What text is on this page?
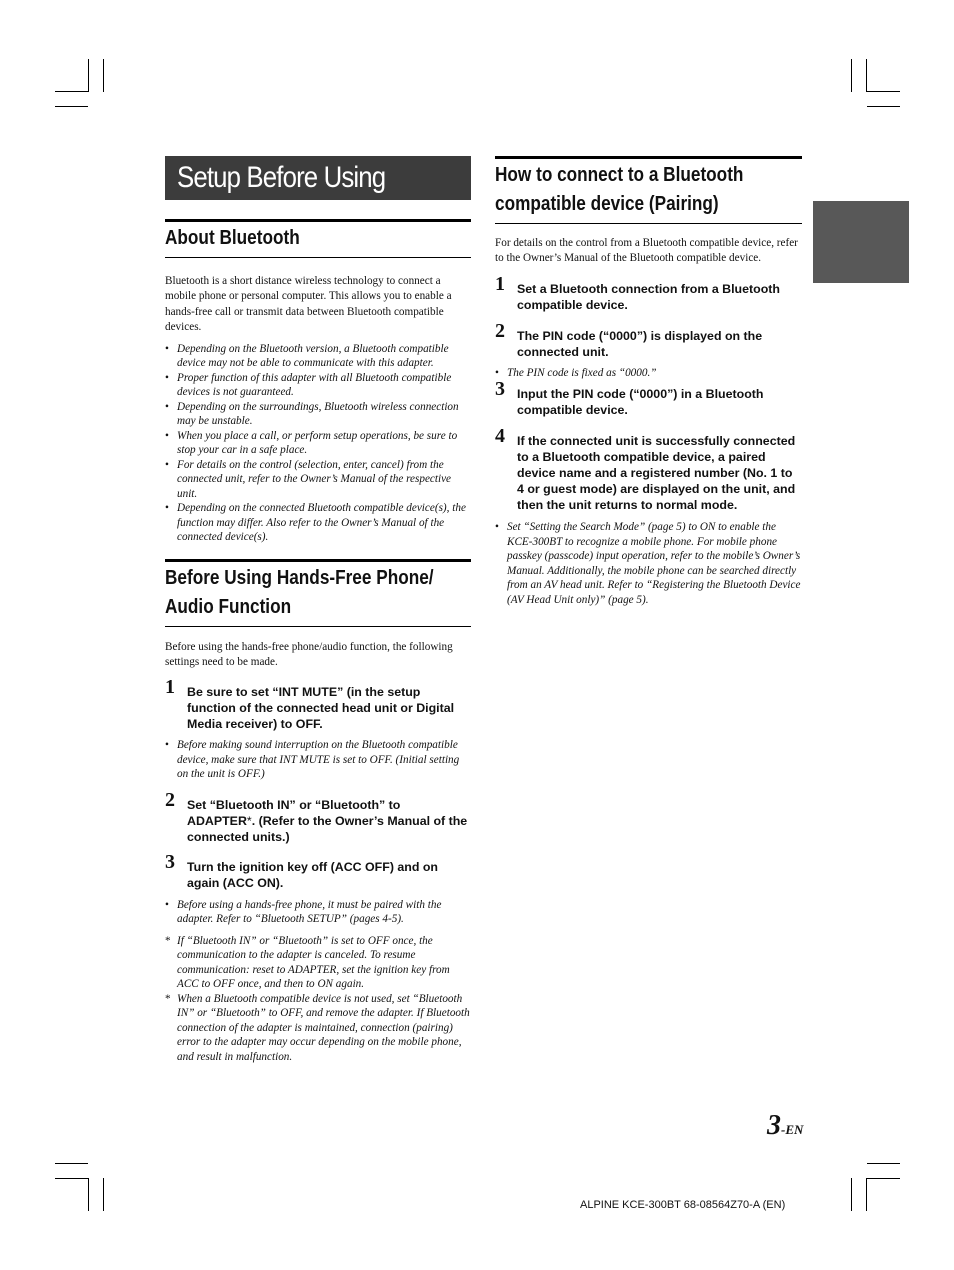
Setup Before Using
About Bluetooth

Bluetooth is a short distance wireless technology to connect a mobile phone or personal computer. This allows you to enable a hands-free call or transmit data between Bluetooth compatible devices.

• Depending on the Bluetooth version, a Bluetooth compatible device may not be able to communicate with this adapter.
• Proper function of this adapter with all Bluetooth compatible devices is not guaranteed.
• Depending on the surroundings, Bluetooth wireless connection may be unstable.
• When you place a call, or perform setup operations, be sure to stop your car in a safe place.
• For details on the control (selection, enter, cancel) from the connected unit, refer to the Owner’s Manual of the respective unit.
• Depending on the connected Bluetooth compatible device(s), the function may differ. Also refer to the Owner’s Manual of the connected device(s).
Before Using Hands-Free Phone/
Audio Function

Before using the hands-free phone/audio function, the following settings need to be made.

1 Be sure to set “INT MUTE” (in the setup function of the connected head unit or Digital Media receiver) to OFF.
• Before making sound interruption on the Bluetooth compatible device, make sure that INT MUTE is set to OFF. (Initial setting on the unit is OFF.)
2 Set “Bluetooth IN” or “Bluetooth” to ADAPTER*. (Refer to the Owner’s Manual of the connected units.)
3 Turn the ignition key off (ACC OFF) and on again (ACC ON).
• Before using a hands-free phone, it must be paired with the adapter. Refer to “Bluetooth SETUP” (pages 4-5).
* If “Bluetooth IN” or “Bluetooth” is set to OFF once, the communication to the adapter is canceled. To resume communication: reset to ADAPTER, set the ignition key from ACC to OFF once, and then to ON again.
* When a Bluetooth compatible device is not used, set “Bluetooth IN” or “Bluetooth” to OFF, and remove the adapter. If Bluetooth connection of the adapter is maintained, connection (pairing) error to the adapter may occur depending on the mobile phone, and result in malfunction.
How to connect to a Bluetooth
compatible device (Pairing)

For details on the control from a Bluetooth compatible device, refer to the Owner’s Manual of the Bluetooth compatible device.

1 Set a Bluetooth connection from a Bluetooth compatible device.
2 The PIN code (“0000”) is displayed on the connected unit.
• The PIN code is fixed as “0000.”
3 Input the PIN code (“0000”) in a Bluetooth compatible device.
4 If the connected unit is successfully connected to a Bluetooth compatible device, a paired device name and a registered number (No. 1 to 4 or guest mode) are displayed on the unit, and then the unit returns to normal mode.
• Set “Setting the Search Mode” (page 5) to ON to enable the KCE-300BT to recognize a mobile phone. For mobile phone passkey (passcode) input operation, refer to the mobile’s Owner’s Manual. Additionally, the mobile phone can be searched directly from an AV head unit. Refer to “Registering the Bluetooth Device (AV Head Unit only)” (page 5).
3-EN
ALPINE KCE-300BT 68-08564Z70-A (EN)
